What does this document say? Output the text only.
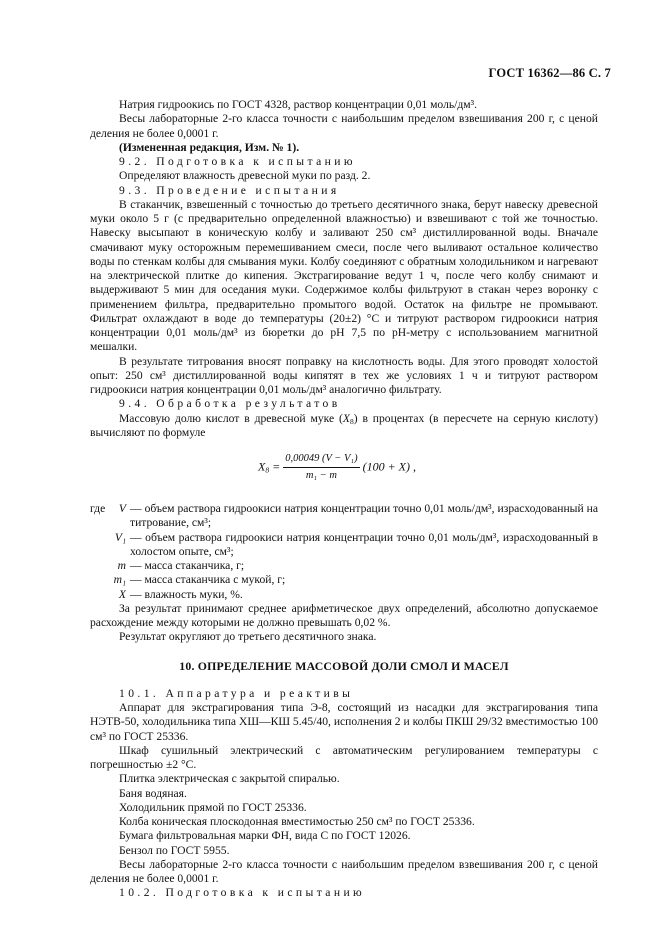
ГОСТ 16362—86 С. 7

Натрия гидроокись по ГОСТ 4328, раствор концентрации 0,01 моль/дм³.

Весы лабораторные 2-го класса точности с наибольшим пределом взвешивания 200 г, с ценой деления не более 0,0001 г.

(Измененная редакция, Изм. № 1).

9.2. Подготовка к испытанию

Определяют влажность древесной муки по разд. 2.

9.3. Проведение испытания

В стаканчик, взвешенный с точностью до третьего десятичного знака, берут навеску древесной муки около 5 г (с предварительно определенной влажностью) и взвешивают с той же точностью. Навеску высыпают в коническую колбу и заливают 250 см³ дистиллированной воды. Вначале смачивают муку осторожным перемешиванием смеси, после чего выливают остальное количество воды по стенкам колбы для смывания муки. Колбу соединяют с обратным холодильником и нагревают на электрической плитке до кипения. Экстрагирование ведут 1 ч, после чего колбу снимают и выдерживают 5 мин для оседания муки. Содержимое колбы фильтруют в стакан через воронку с применением фильтра, предварительно промытого водой. Остаток на фильтре не промывают. Фильтрат охлаждают в воде до температуры (20±2) °С и титруют раствором гидроокиси натрия концентрации 0,01 моль/дм³ из бюретки до pH 7,5 по pH-метру с использованием магнитной мешалки.

В результате титрования вносят поправку на кислотность воды. Для этого проводят холостой опыт: 250 см³ дистиллированной воды кипятят в тех же условиях 1 ч и титруют раствором гидроокиси натрия концентрации 0,01 моль/дм³ аналогично фильтрату.

9.4. Обработка результатов

Массовую долю кислот в древесной муке $(X_8)$ в процентах (в пересчете на серную кислоту) вычисляют по формуле

$X_8 = \frac{\text{0,00049 (V − V₁)}}{\text{m₁ − m}} (100 + X)$ ,
где	V — объем раствора гидроокиси натрия концентрации точно 0,01 моль/дм³, израсходованный на титрование, см³;
V₁ — объем раствора гидроокиси натрия концентрации точно 0,01 моль/дм³, израсходованный в холостом опыте, см³;
m — масса стаканчика, г;
m₁ — масса стаканчика с мукой, г;
X — влажность муки, %.

За результат принимают среднее арифметическое двух определений, абсолютно допускаемое расхождение между которыми не должно превышать 0,02 %.

Результат округляют до третьего десятичного знака.

10. ОПРЕДЕЛЕНИЕ МАССОВОЙ ДОЛИ СМОЛ И МАСЕЛ

10.1. Аппаратура и реактивы

Аппарат для экстрагирования типа Э-8, состоящий из насадки для экстрагирования типа НЭТВ-50, холодильника типа ХШ—КШ 5.45/40, исполнения 2 и колбы ПКШ 29/32 вместимостью 100 см³ по ГОСТ 25336.

Шкаф сушильный электрический с автоматическим регулированием температуры с погрешностью ±2 °С.

Плитка электрическая с закрытой спиралью.

Баня водяная.

Холодильник прямой по ГОСТ 25336.

Колба коническая плоскодонная вместимостью 250 см³ по ГОСТ 25336.

Бумага фильтровальная марки ФН, вида С по ГОСТ 12026.

Бензол по ГОСТ 5955.

Весы лабораторные 2-го класса точности с наибольшим пределом взвешивания 200 г, с ценой деления не более 0,0001 г.

10.2. Подготовка к испытанию
